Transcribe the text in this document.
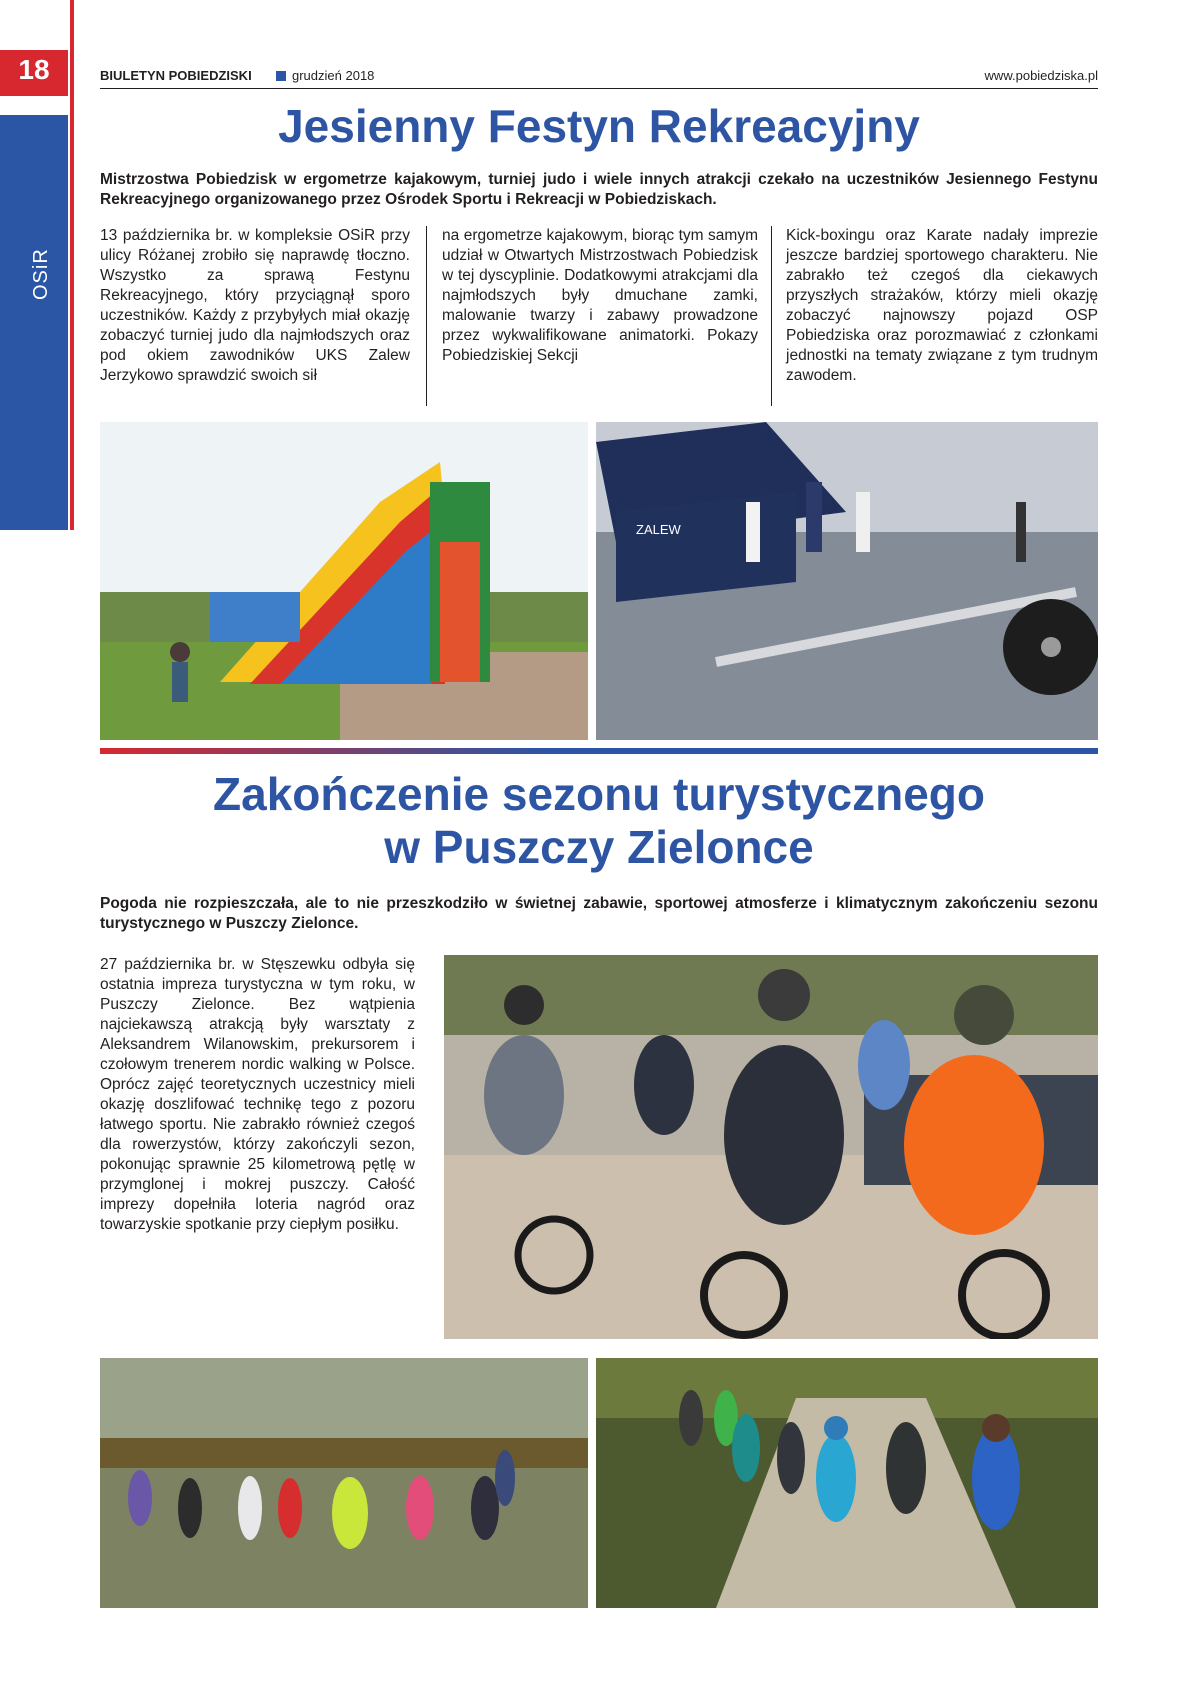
18
OSiR
BIULETYN POBIEDZISKI	grudzień 2018	www.pobiedziska.pl
Jesienny Festyn Rekreacyjny

Mistrzostwa Pobiedzisk w ergometrze kajakowym, turniej judo i wiele innych atrakcji czekało na uczestników Jesiennego Festynu Rekreacyjnego organizowanego przez Ośrodek Sportu i Rekreacji w Pobiedziskach.

13 października br. w kompleksie OSiR przy ulicy Różanej zrobiło się naprawdę tłoczno. Wszystko za sprawą Festynu Rekreacyjnego, który przyciągnął sporo uczestników. Każdy z przybyłych miał okazję zobaczyć turniej judo dla najmłodszych oraz pod okiem zawodników UKS Zalew Jerzykowo sprawdzić swoich sił

na ergometrze kajakowym, biorąc tym samym udział w Otwartych Mistrzostwach Pobiedzisk w tej dyscyplinie. Dodatkowymi atrakcjami dla najmłodszych były dmuchane zamki, malowanie twarzy i zabawy prowadzone przez wykwalifikowane animatorki. Pokazy Pobiedziskiej Sekcji

Kick-boxingu oraz Karate nadały imprezie jeszcze bardziej sportowego charakteru. Nie zabrakło też czegoś dla ciekawych przyszłych strażaków, którzy mieli okazję zobaczyć najnowszy pojazd OSP Pobiedziska oraz porozmawiać z członkami jednostki na tematy związane z tym trudnym zawodem.

ZALEW
Zakończenie sezonu turystycznego
w Puszczy Zielonce

Pogoda nie rozpieszczała, ale to nie przeszkodziło w świetnej zabawie, sportowej atmosferze i klimatycznym zakończeniu sezonu turystycznego w Puszczy Zielonce.

27 października br. w Stęszewku odbyła się ostatnia impreza turystyczna w tym roku, w Puszczy Zielonce. Bez wątpienia najciekawszą atrakcją były warsztaty z Aleksandrem Wilanowskim, prekursorem i czołowym trenerem nordic walking w Polsce. Oprócz zajęć teoretycznych uczestnicy mieli okazję doszlifować technikę tego z pozoru łatwego sportu. Nie zabrakło również czegoś dla rowerzystów, którzy zakończyli sezon, pokonując sprawnie 25 kilometrową pętlę w przymglonej i mokrej puszczy. Całość imprezy dopełniła loteria nagród oraz towarzyskie spotkanie przy ciepłym posiłku.
